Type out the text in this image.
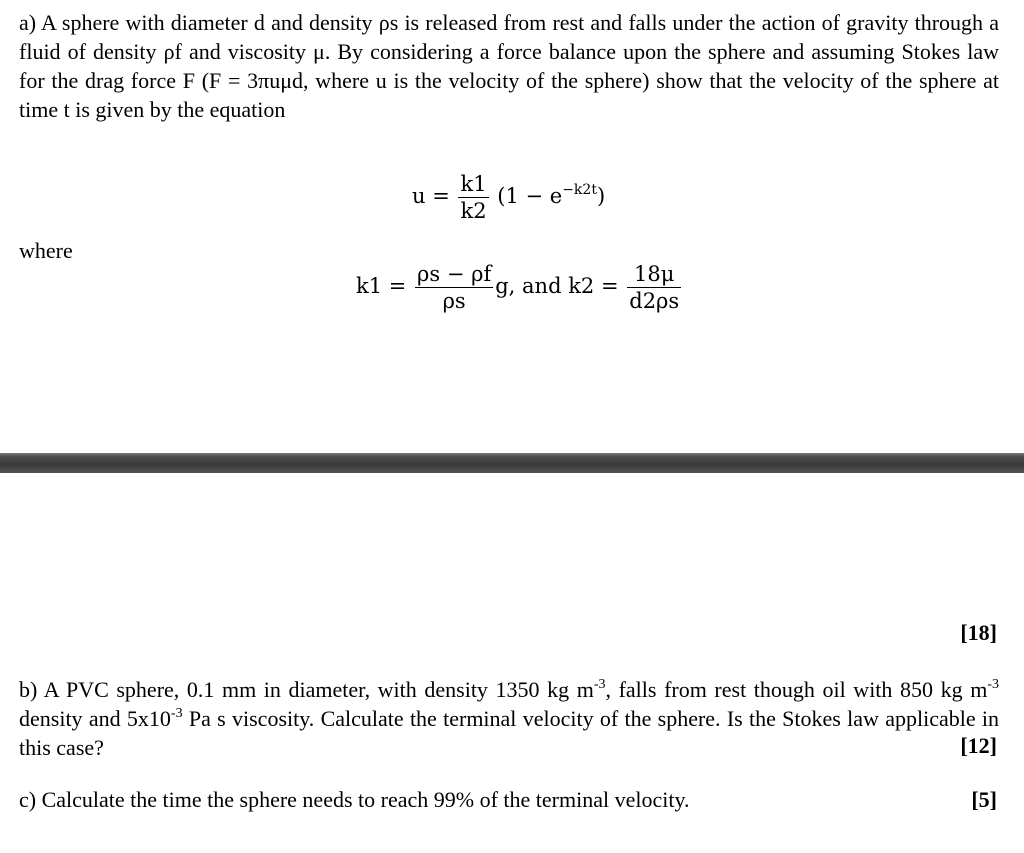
a) A sphere with diameter d and density ρs is released from rest and falls under the action of gravity through a fluid of density ρf and viscosity μ. By considering a force balance upon the sphere and assuming Stokes law for the drag force F (F = 3πuμd, where u is the velocity of the sphere) show that the velocity of the sphere at time t is given by the equation
$u = \frac{k1}{k2} (1 - e^{-k2t})$
where
$k1 = \frac{\rho s - \rho f}{\rho s} g$, and $k2 = \frac{18\mu}{d2\rho s}$
[18]
b) A PVC sphere, 0.1 mm in diameter, with density 1350 kg $m^{-3}$, falls from rest though oil with 850 kg $m^{-3}$ density and $5x10^{-3}$ Pa s viscosity. Calculate the terminal velocity of the sphere. Is the Stokes law applicable in this case?	[12]
c) Calculate the time the sphere needs to reach 99% of the terminal velocity.	[5]
